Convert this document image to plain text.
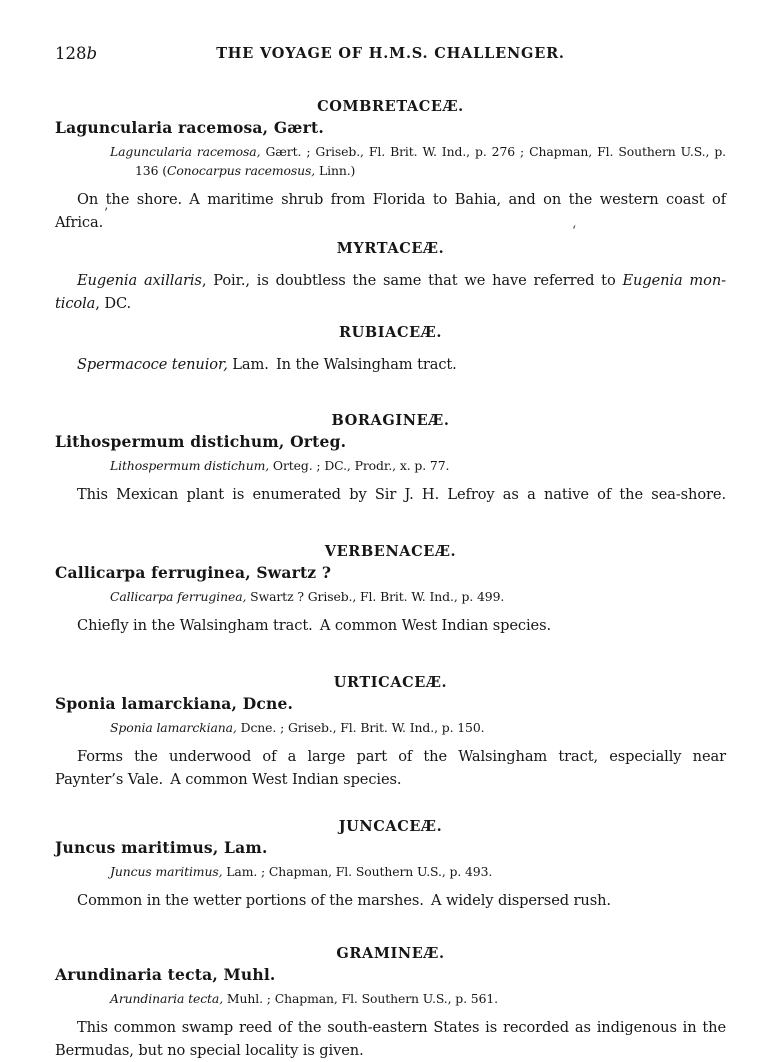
128b	THE VOYAGE OF H.M.S. CHALLENGER.
COMBRETACEÆ.
Laguncularia racemosa, Gært.

Laguncularia racemosa, Gært. ; Griseb., Fl. Brit. W. Ind., p. 276 ; Chapman, Fl. Southern U.S., p.
136 (Conocarpus racemosus, Linn.)

On the shore. A maritime shrub from Florida to Bahia, and on the western coast of
Africa.

MYRTACEÆ.

Eugenia axillaris, Poir., is doubtless the same that we have referred to Eugenia mon-
ticola, DC.

RUBIACEÆ.

Spermacoce tenuior, Lam. In the Walsingham tract.

BORAGINEÆ.
Lithospermum distichum, Orteg.

Lithospermum distichum, Orteg. ; DC., Prodr., x. p. 77.

This Mexican plant is enumerated by Sir J. H. Lefroy as a native of the sea-shore.

VERBENACEÆ.
Callicarpa ferruginea, Swartz ?

Callicarpa ferruginea, Swartz ? Griseb., Fl. Brit. W. Ind., p. 499.

Chiefly in the Walsingham tract. A common West Indian species.

URTICACEÆ.
Sponia lamarckiana, Dcne.

Sponia lamarckiana, Dcne. ; Griseb., Fl. Brit. W. Ind., p. 150.

Forms the underwood of a large part of the Walsingham tract, especially near
Paynter’s Vale. A common West Indian species.

JUNCACEÆ.
Juncus maritimus, Lam.

Juncus maritimus, Lam. ; Chapman, Fl. Southern U.S., p. 493.

Common in the wetter portions of the marshes. A widely dispersed rush.

GRAMINEÆ.
Arundinaria tecta, Muhl.

Arundinaria tecta, Muhl. ; Chapman, Fl. Southern U.S., p. 561.

This common swamp reed of the south-eastern States is recorded as indigenous in the
Bermudas, but no special locality is given.

’
‘
